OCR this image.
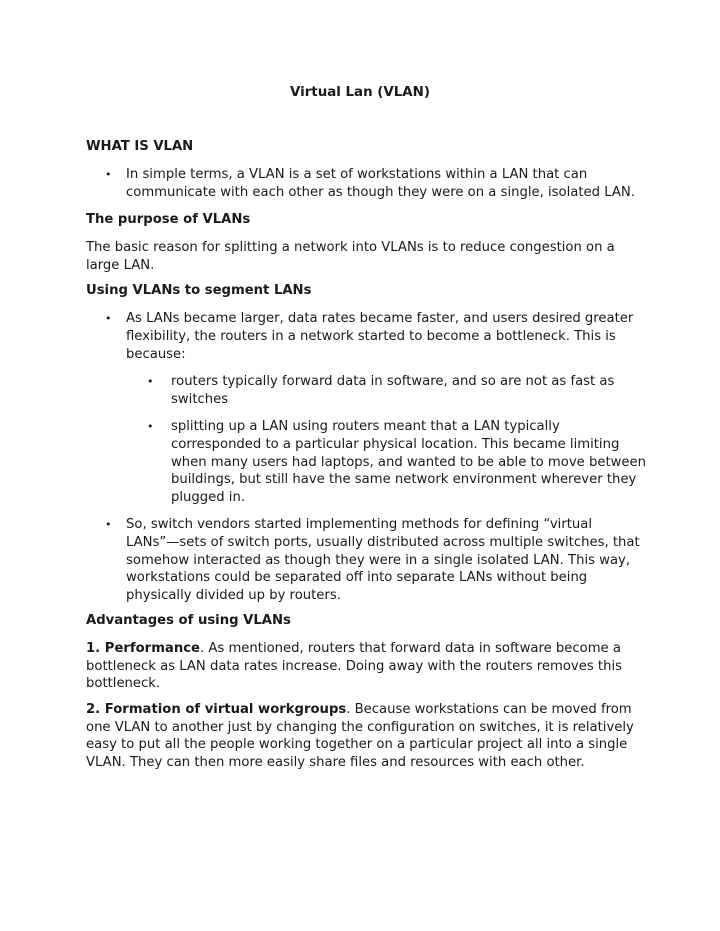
Virtual Lan (VLAN)
WHAT IS VLAN
• In simple terms, a VLAN is a set of workstations within a LAN that can communicate with each other as though they were on a single, isolated LAN.
The purpose of VLANs

The basic reason for splitting a network into VLANs is to reduce congestion on a large LAN.

Using VLANs to segment LANs
• As LANs became larger, data rates became faster, and users desired greater flexibility, the routers in a network started to become a bottleneck. This is because:
• routers typically forward data in software, and so are not as fast as switches
• splitting up a LAN using routers meant that a LAN typically corresponded to a particular physical location. This became limiting when many users had laptops, and wanted to be able to move between buildings, but still have the same network environment wherever they plugged in.
• So, switch vendors started implementing methods for defining “virtual LANs”—sets of switch ports, usually distributed across multiple switches, that somehow interacted as though they were in a single isolated LAN. This way, workstations could be separated off into separate LANs without being physically divided up by routers.
Advantages of using VLANs

1. Performance. As mentioned, routers that forward data in software become a bottleneck as LAN data rates increase. Doing away with the routers removes this bottleneck.

2. Formation of virtual workgroups. Because workstations can be moved from one VLAN to another just by changing the configuration on switches, it is relatively easy to put all the people working together on a particular project all into a single VLAN. They can then more easily share files and resources with each other.
